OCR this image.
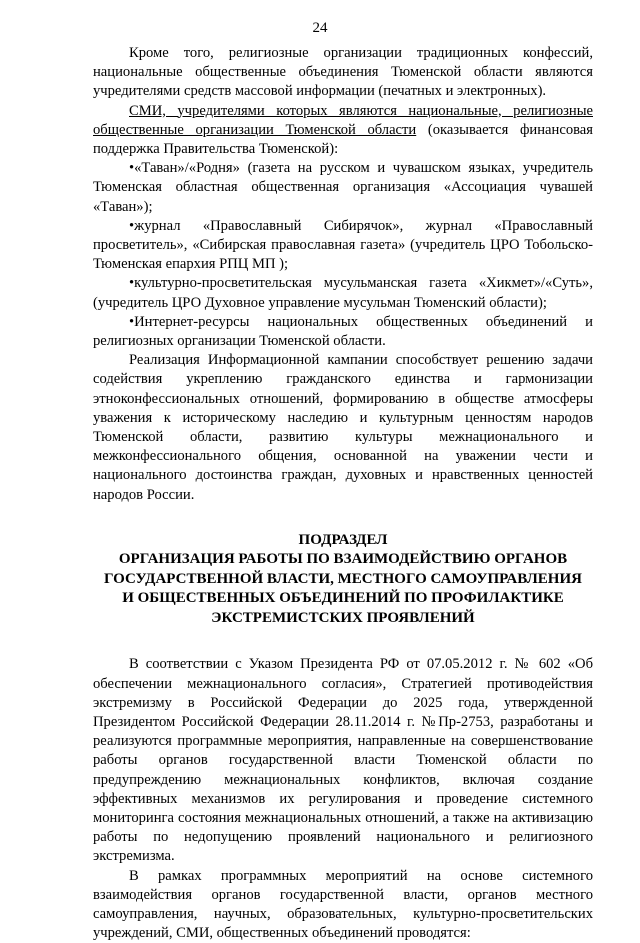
24

Кроме того, религиозные организации традиционных конфессий, национальные общественные объединения Тюменской области являются учредителями средств массовой информации (печатных и электронных).

СМИ, учредителями которых являются национальные, религиозные общественные организации Тюменской области (оказывается финансовая поддержка Правительства Тюменской):

•«Таван»/«Родня» (газета на русском и чувашском языках, учредитель Тюменская областная общественная организация «Ассоциация чувашей «Таван»);

•журнал «Православный Сибирячок», журнал «Православный просветитель», «Сибирская православная газета» (учредитель ЦРО Тобольско-Тюменская епархия РПЦ МП );

•культурно-просветительская мусульманская газета «Хикмет»/«Суть», (учредитель ЦРО Духовное управление мусульман Тюменский области);

•Интернет-ресурсы национальных общественных объединений и религиозных организации Тюменской области.

Реализация Информационной кампании способствует решению задачи содействия укреплению гражданского единства и гармонизации этноконфессиональных отношений, формированию в обществе атмосферы уважения к историческому наследию и культурным ценностям народов Тюменской области, развитию культуры межнационального и межконфессионального общения, основанной на уважении чести и национального достоинства граждан, духовных и нравственных ценностей народов России.

ПОДРАЗДЕЛ
ОРГАНИЗАЦИЯ РАБОТЫ ПО ВЗАИМОДЕЙСТВИЮ ОРГАНОВ
ГОСУДАРСТВЕННОЙ ВЛАСТИ, МЕСТНОГО САМОУПРАВЛЕНИЯ
И ОБЩЕСТВЕННЫХ ОБЪЕДИНЕНИЙ ПО ПРОФИЛАКТИКЕ
ЭКСТРЕМИСТСКИХ ПРОЯВЛЕНИЙ

В соответствии с Указом Президента РФ от 07.05.2012 г. № 602 «Об обеспечении межнационального согласия», Стратегией противодействия экстремизму в Российской Федерации до 2025 года, утвержденной Президентом Российской Федерации 28.11.2014 г. №Пр-2753, разработаны и реализуются программные мероприятия, направленные на совершенствование работы органов государственной власти Тюменской области по предупреждению межнациональных конфликтов, включая создание эффективных механизмов их регулирования и проведение системного мониторинга состояния межнациональных отношений, а также на активизацию работы по недопущению проявлений национального и религиозного экстремизма.

В рамках программных мероприятий на основе системного взаимодействия органов государственной власти, органов местного самоуправления, научных, образовательных, культурно-просветительских учреждений, СМИ, общественных объединений проводятся:
